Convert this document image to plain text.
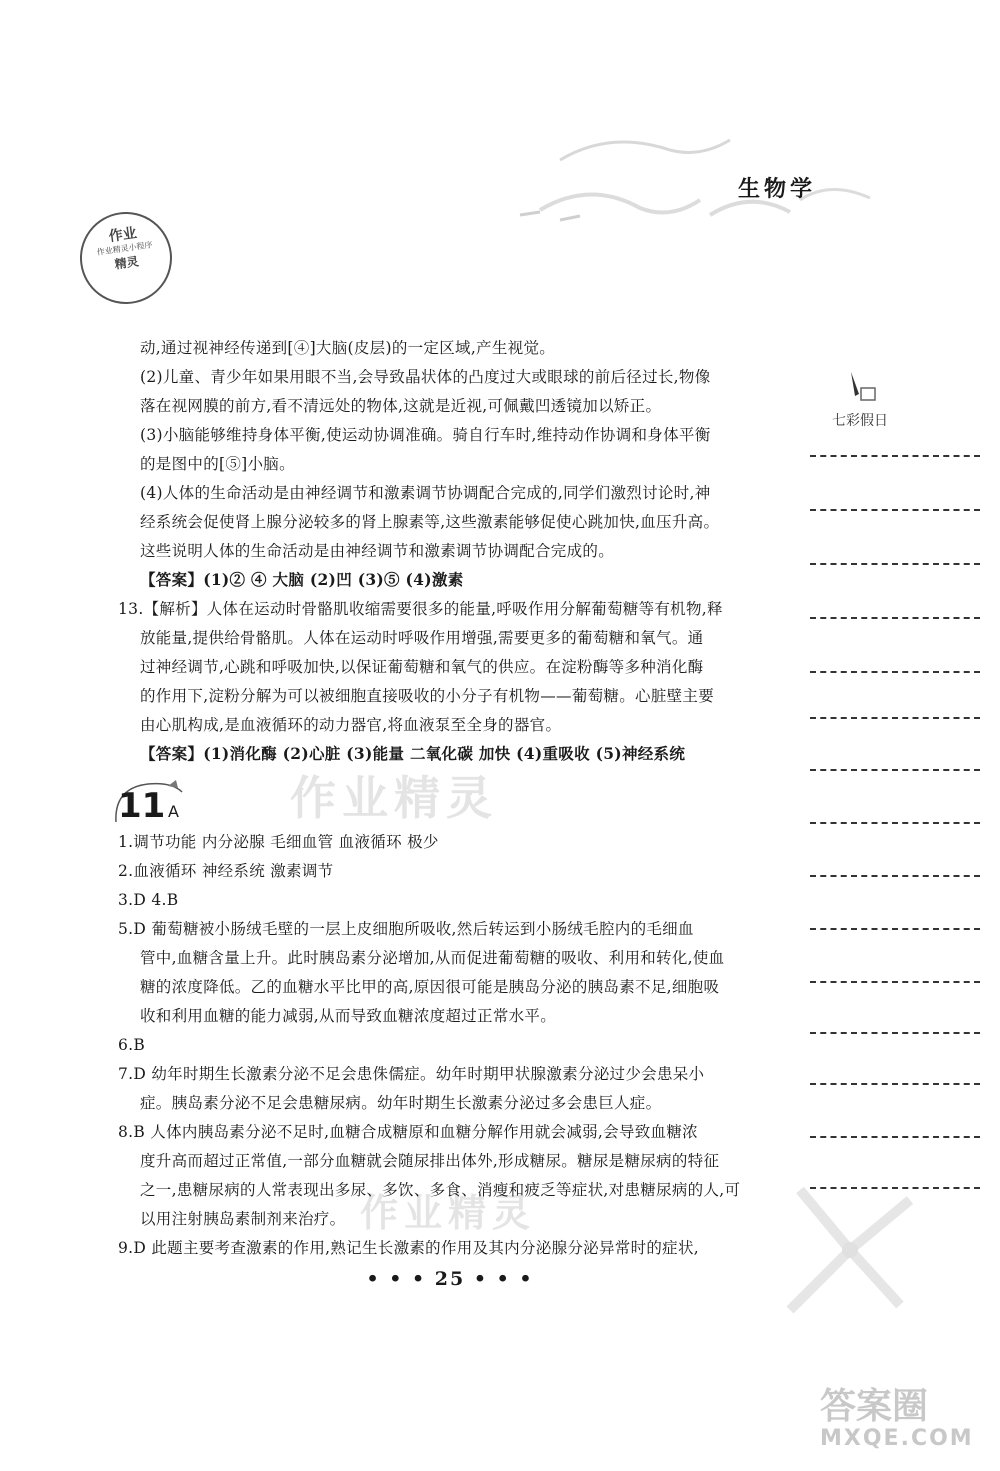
生物学
作业
作业精灵小程序
精灵
作业精灵
作业精灵
动,通过视神经传递到[④]大脑(皮层)的一定区域,产生视觉。
(2)儿童、青少年如果用眼不当,会导致晶状体的凸度过大或眼球的前后径过长,物像
落在视网膜的前方,看不清远处的物体,这就是近视,可佩戴凹透镜加以矫正。
(3)小脑能够维持身体平衡,使运动协调准确。骑自行车时,维持动作协调和身体平衡
的是图中的[⑤]小脑。
(4)人体的生命活动是由神经调节和激素调节协调配合完成的,同学们激烈讨论时,神
经系统会促使肾上腺分泌较多的肾上腺素等,这些激素能够促使心跳加快,血压升高。
这些说明人体的生命活动是由神经调节和激素调节协调配合完成的。
【答案】(1)② ④ 大脑 (2)凹 (3)⑤ (4)激素
13.【解析】人体在运动时骨骼肌收缩需要很多的能量,呼吸作用分解葡萄糖等有机物,释
放能量,提供给骨骼肌。人体在运动时呼吸作用增强,需要更多的葡萄糖和氧气。通
过神经调节,心跳和呼吸加快,以保证葡萄糖和氧气的供应。在淀粉酶等多种消化酶
的作用下,淀粉分解为可以被细胞直接吸收的小分子有机物——葡萄糖。心脏壁主要
由心肌构成,是血液循环的动力器官,将血液泵至全身的器官。
【答案】(1)消化酶 (2)心脏 (3)能量 二氧化碳 加快 (4)重吸收 (5)神经系统
11 A
1.调节功能 内分泌腺 毛细血管 血液循环 极少
2.血液循环 神经系统 激素调节
3.D 4.B
5.D 葡萄糖被小肠绒毛壁的一层上皮细胞所吸收,然后转运到小肠绒毛腔内的毛细血
管中,血糖含量上升。此时胰岛素分泌增加,从而促进葡萄糖的吸收、利用和转化,使血
糖的浓度降低。乙的血糖水平比甲的高,原因很可能是胰岛分泌的胰岛素不足,细胞吸
收和利用血糖的能力减弱,从而导致血糖浓度超过正常水平。
6.B
7.D 幼年时期生长激素分泌不足会患侏儒症。幼年时期甲状腺激素分泌过少会患呆小
症。胰岛素分泌不足会患糖尿病。幼年时期生长激素分泌过多会患巨人症。
8.B 人体内胰岛素分泌不足时,血糖合成糖原和血糖分解作用就会减弱,会导致血糖浓
度升高而超过正常值,一部分血糖就会随尿排出体外,形成糖尿。糖尿是糖尿病的特征
之一,患糖尿病的人常表现出多尿、多饮、多食、消瘦和疲乏等症状,对患糖尿病的人,可
以用注射胰岛素制剂来治疗。
9.D 此题主要考查激素的作用,熟记生长激素的作用及其内分泌腺分泌异常时的症状,
• • • 25 • • •
七彩假日
答案圈
MXQE.COM
